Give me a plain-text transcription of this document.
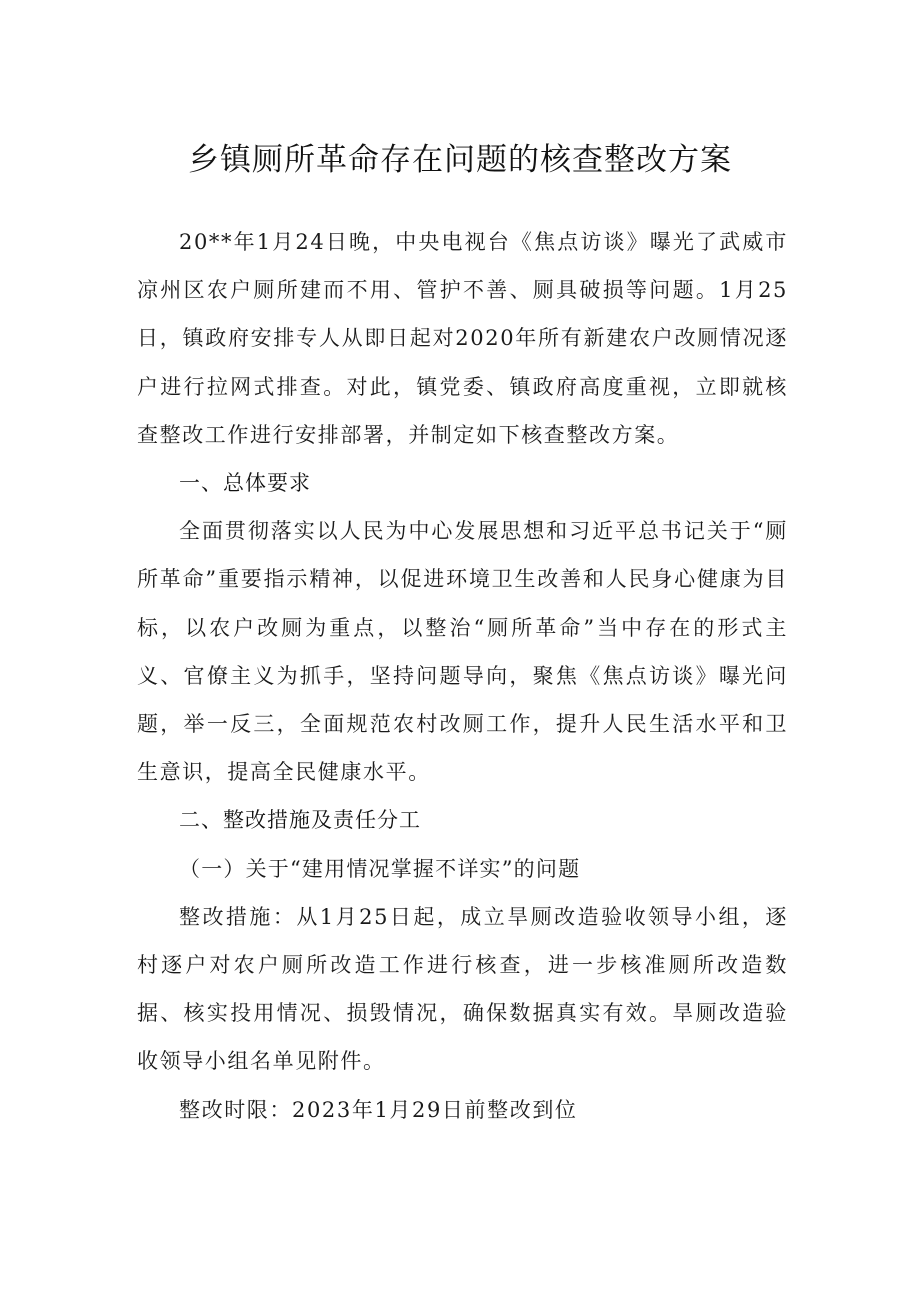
乡镇厕所革命存在问题的核查整改方案

20**年1月24日晚，中央电视台《焦点访谈》曝光了武威市凉州区农户厕所建而不用、管护不善、厕具破损等问题。1月25日，镇政府安排专人从即日起对2020年所有新建农户改厕情况逐户进行拉网式排查。对此，镇党委、镇政府高度重视，立即就核查整改工作进行安排部署，并制定如下核查整改方案。

一、总体要求

全面贯彻落实以人民为中心发展思想和习近平总书记关于“厕所革命”重要指示精神，以促进环境卫生改善和人民身心健康为目标，以农户改厕为重点，以整治“厕所革命”当中存在的形式主义、官僚主义为抓手，坚持问题导向，聚焦《焦点访谈》曝光问题，举一反三，全面规范农村改厕工作，提升人民生活水平和卫生意识，提高全民健康水平。

二、整改措施及责任分工

（一）关于“建用情况掌握不详实”的问题

整改措施：从1月25日起，成立旱厕改造验收领导小组，逐村逐户对农户厕所改造工作进行核查，进一步核准厕所改造数据、核实投用情况、损毁情况，确保数据真实有效。旱厕改造验收领导小组名单见附件。

整改时限：2023年1月29日前整改到位
